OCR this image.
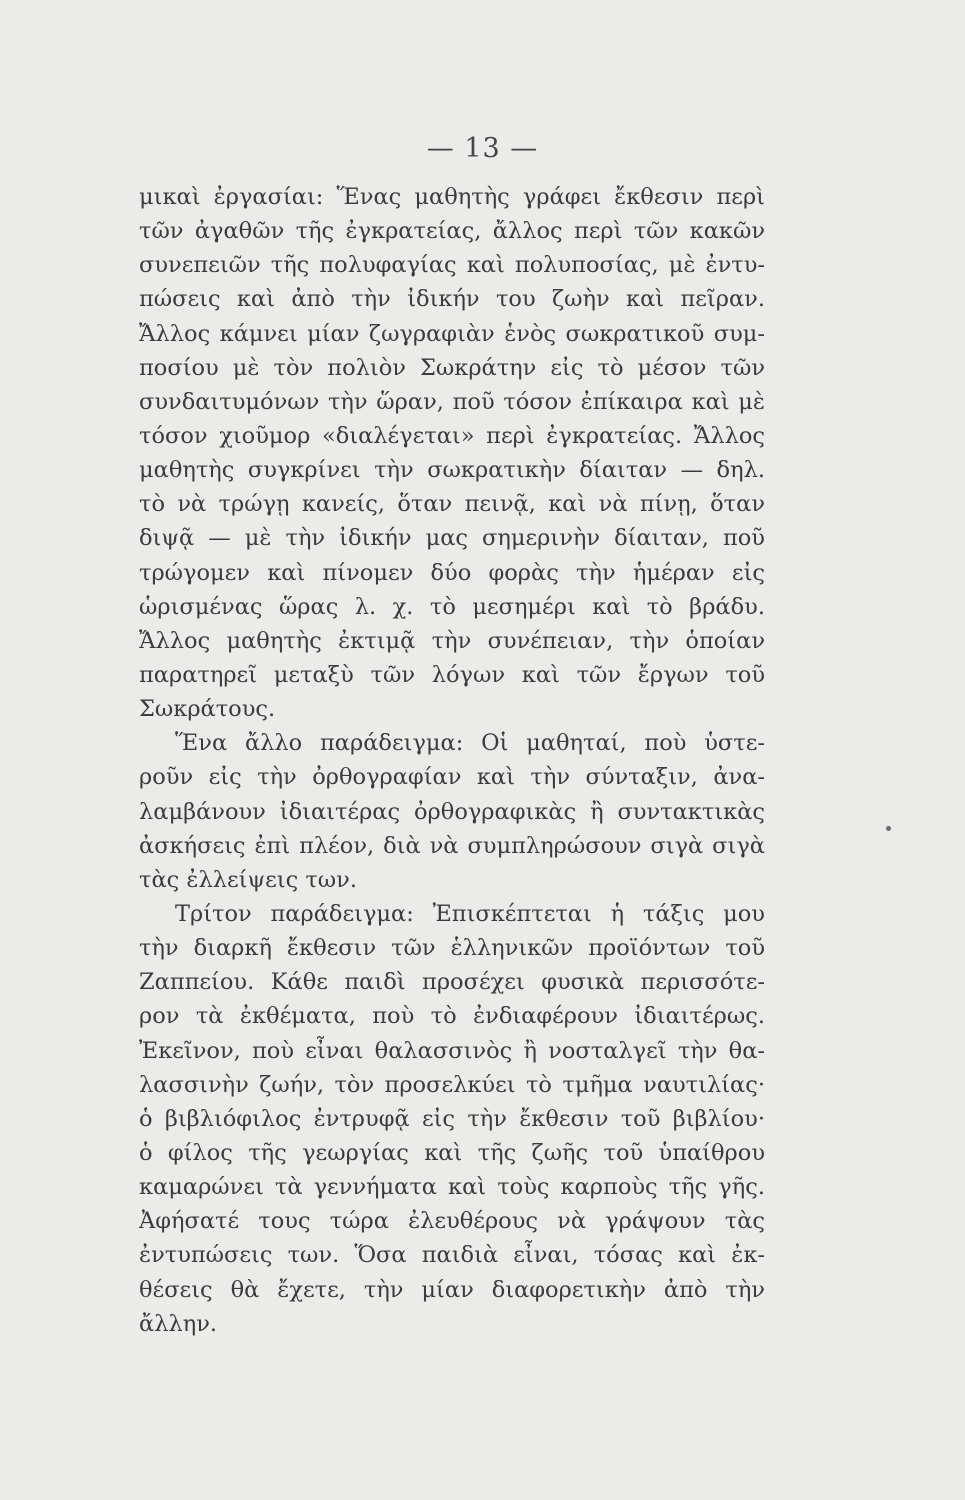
— 13 —
μικαὶ ἐργασίαι: Ἕνας μαθητὴς γράφει ἔκθεσιν περὶ
τῶν ἀγαθῶν τῆς ἐγκρατείας, ἄλλος περὶ τῶν κακῶν
συνεπειῶν τῆς πολυφαγίας καὶ πολυποσίας, μὲ ἐντυ-
πώσεις καὶ ἀπὸ τὴν ἰδικήν του ζωὴν καὶ πεῖραν.
Ἄλλος κάμνει μίαν ζωγραφιὰν ἑνὸς σωκρατικοῦ συμ-
ποσίου μὲ τὸν πολιὸν Σωκράτην εἰς τὸ μέσον τῶν
συνδαιτυμόνων τὴν ὥραν, ποῦ τόσον ἐπίκαιρα καὶ μὲ
τόσον χιοῦμορ «διαλέγεται» περὶ ἐγκρατείας. Ἄλλος
μαθητὴς συγκρίνει τὴν σωκρατικὴν δίαιταν — δηλ.
τὸ νὰ τρώγῃ κανείς, ὅταν πεινᾷ, καὶ νὰ πίνῃ, ὅταν
διψᾷ — μὲ τὴν ἰδικήν μας σημερινὴν δίαιταν, ποῦ
τρώγομεν καὶ πίνομεν δύο φορὰς τὴν ἡμέραν εἰς
ὡρισμένας ὥρας λ. χ. τὸ μεσημέρι καὶ τὸ βράδυ.
Ἄλλος μαθητὴς ἐκτιμᾷ τὴν συνέπειαν, τὴν ὁποίαν
παρατηρεῖ μεταξὺ τῶν λόγων καὶ τῶν ἔργων τοῦ
Σωκράτους.
Ἕνα ἄλλο παράδειγμα: Οἱ μαθηταί, ποὺ ὑστε-
ροῦν εἰς τὴν ὀρθογραφίαν καὶ τὴν σύνταξιν, ἀνα-
λαμβάνουν ἰδιαιτέρας ὀρθογραφικὰς ἢ συντακτικὰς
ἀσκήσεις ἐπὶ πλέον, διὰ νὰ συμπληρώσουν σιγὰ σιγὰ
τὰς ἐλλείψεις των.
Τρίτον παράδειγμα: Ἐπισκέπτεται ἡ τάξις μου
τὴν διαρκῆ ἔκθεσιν τῶν ἑλληνικῶν προϊόντων τοῦ
Ζαππείου. Κάθε παιδὶ προσέχει φυσικὰ περισσότε-
ρον τὰ ἐκθέματα, ποὺ τὸ ἐνδιαφέρουν ἰδιαιτέρως.
Ἐκεῖνον, ποὺ εἶναι θαλασσινὸς ἢ νοσταλγεῖ τὴν θα-
λασσινὴν ζωήν, τὸν προσελκύει τὸ τμῆμα ναυτιλίας·
ὁ βιβλιόφιλος ἐντρυφᾷ εἰς τὴν ἔκθεσιν τοῦ βιβλίου·
ὁ φίλος τῆς γεωργίας καὶ τῆς ζωῆς τοῦ ὑπαίθρου
καμαρώνει τὰ γεννήματα καὶ τοὺς καρποὺς τῆς γῆς.
Ἀφήσατέ τους τώρα ἐλευθέρους νὰ γράψουν τὰς
ἐντυπώσεις των. Ὅσα παιδιὰ εἶναι, τόσας καὶ ἐκ-
θέσεις θὰ ἔχετε, τὴν μίαν διαφορετικὴν ἀπὸ τὴν
ἄλλην.
